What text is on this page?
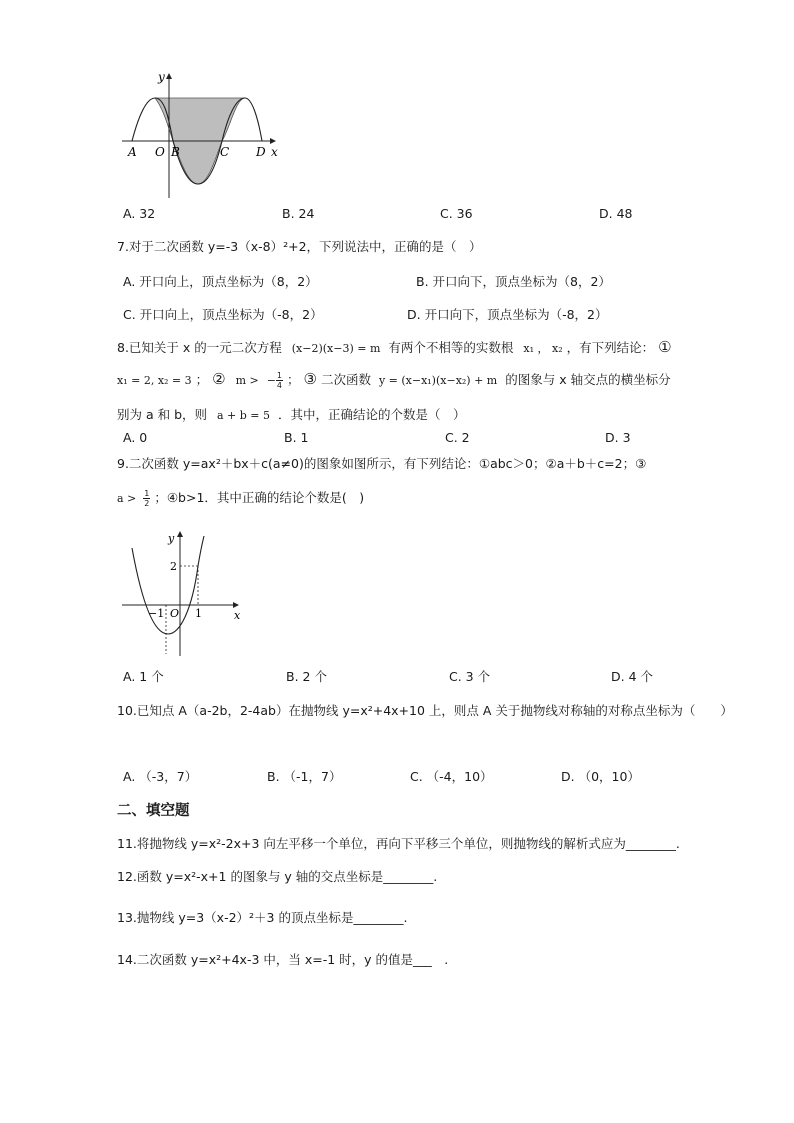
y
x
A O B	C D
A. 32	B. 24	C. 36	D. 48
7.对于二次函数 y=-3（x-8）²+2，下列说法中，正确的是（　）
A. 开口向上，顶点坐标为（8，2）	B. 开口向下，顶点坐标为（8，2）
C. 开口向上，顶点坐标为（-8，2）	D. 开口向下，顶点坐标为（-8，2）
8.已知关于 x 的一元二次方程 (x−2)(x−3) = m 有两个不相等的实数根 x₁ ， x₂ ，有下列结论： ①
x₁ = 2, x₂ = 3 ； ② m > − $\frac{1}{4}$ ； ③ 二次函数 y = (x−x₁)(x−x₂) + m 的图象与 x 轴交点的横坐标分
别为 a 和 b，则 a + b = 5 ．其中，正确结论的个数是（　）
A. 0	B. 1	C. 2	D. 3
9.二次函数 y=ax²＋bx＋c(a≠0)的图象如图所示，有下列结论：①abc＞0；②a＋b＋c=2；③
$a > \frac{1}{2}$ ；④b>1．其中正确的结论个数是(　)
y
x
2
−1 O 1
A. 1 个	B. 2 个	C. 3 个	D. 4 个
10.已知点 A（a-2b，2-4ab）在抛物线 y=x²+4x+10 上，则点 A 关于抛物线对称轴的对称点坐标为（　　）
A. （-3，7）	B. （-1，7）	C. （-4，10）	D. （0，10）
二、填空题
11.将抛物线 y=x²-2x+3 向左平移一个单位，再向下平移三个单位，则抛物线的解析式应为________.
12.函数 y=x²-x+1 的图象与 y 轴的交点坐标是________.
13.抛物线 y=3（x-2）²＋3 的顶点坐标是________.
14.二次函数 y=x²+4x-3 中，当 x=-1 时，y 的值是___　.
